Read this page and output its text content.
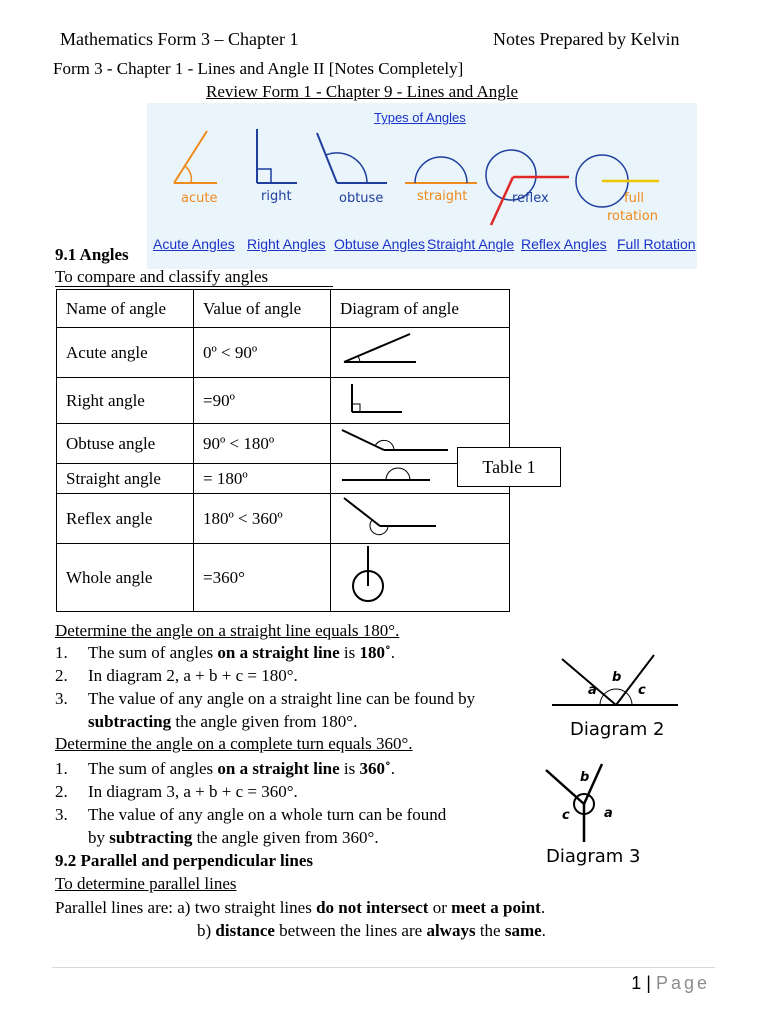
Mathematics Form 3 – Chapter 1	Notes Prepared by Kelvin
Form 3 - Chapter 1 - Lines and Angle II [Notes Completely]
Review Form 1 - Chapter 9 - Lines and Angle
Types of Angles
acute	right	obtuse	straight	reflex	full
rotation
Acute Angles Right Angles Obtuse Angles Straight Angle Reflex Angles Full Rotation
9.1 Angles
To compare and classify angles
Name of angle	Value of angle	Diagram of angle
Acute angle	0º < 90º	
Right angle	=90º	
Obtuse angle	90º < 180º	
Straight angle	= 180º	
Reflex angle	180º < 360º	
Whole angle	=360°	
Table 1
Determine the angle on a straight line equals 180°.
1. The sum of angles on a straight line is 180˚.
2. In diagram 2, a + b + c = 180°.
3. The value of any angle on a straight line can be found by
subtracting the angle given from 180°.
a
b
c
Diagram 2
Determine the angle on a complete turn equals 360°.
1. The sum of angles on a straight line is 360˚.
2. In diagram 3, a + b + c = 360°.
3. The value of any angle on a whole turn can be found
by subtracting the angle given from 360°.
b
a
c
Diagram 3
9.2 Parallel and perpendicular lines
To determine parallel lines
Parallel lines are: a) two straight lines do not intersect or meet a point.
b) distance between the lines are always the same.
1 | Page
